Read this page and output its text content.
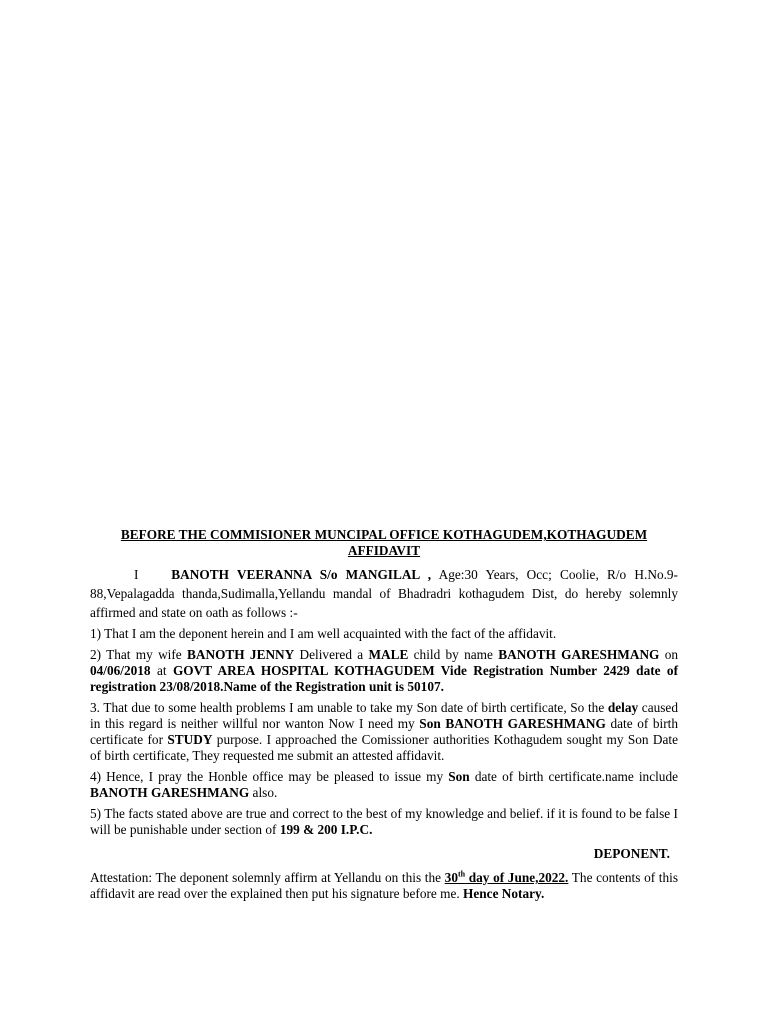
BEFORE THE COMMISIONER MUNCIPAL OFFICE KOTHAGUDEM,KOTHAGUDEM

AFFIDAVIT

I BANOTH VEERANNA S/o MANGILAL , Age:30 Years, Occ; Coolie, R/o H.No.9-88,Vepalagadda thanda,Sudimalla,Yellandu mandal of Bhadradri kothagudem Dist, do hereby solemnly affirmed and state on oath as follows :-

1) That I am the deponent herein and I am well acquainted with the fact of the affidavit.

2) That my wife BANOTH JENNY Delivered a MALE child by name BANOTH GARESHMANG on 04/06/2018 at GOVT AREA HOSPITAL KOTHAGUDEM Vide Registration Number 2429 date of registration 23/08/2018.Name of the Registration unit is 50107.

3. That due to some health problems I am unable to take my Son date of birth certificate, So the delay caused in this regard is neither willful nor wanton Now I need my Son BANOTH GARESHMANG date of birth certificate for STUDY purpose. I approached the Comissioner authorities Kothagudem sought my Son Date of birth certificate, They requested me submit an attested affidavit.

4) Hence, I pray the Honble office may be pleased to issue my Son date of birth certificate.name include BANOTH GARESHMANG also.

5) The facts stated above are true and correct to the best of my knowledge and belief. if it is found to be false I will be punishable under section of 199 & 200 I.P.C.

DEPONENT.

Attestation: The deponent solemnly affirm at Yellandu on this the 30th day of June,2022. The contents of this affidavit are read over the explained then put his signature before me. Hence Notary.
